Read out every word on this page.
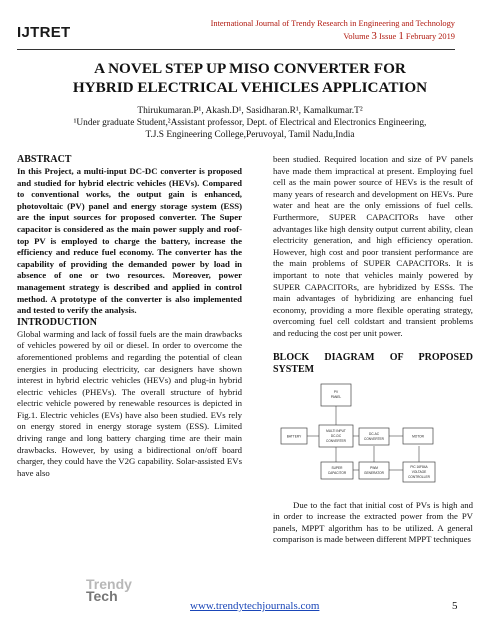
IJTRET
International Journal of Trendy Research in Engineering and Technology
Volume 3 Issue 1 February 2019
A NOVEL STEP UP MISO CONVERTER FOR
HYBRID ELECTRICAL VEHICLES APPLICATION
Thirukumaran.P¹, Akash.D¹, Sasidharan.R¹, Kamalkumar.T²
¹Under graduate Student,²Assistant professor, Dept. of Electrical and Electronics Engineering,
T.J.S Engineering College,Peruvoyal, Tamil Nadu,India

ABSTRACT

In this Project, a multi-input DC-DC converter is proposed and studied for hybrid electric vehicles (HEVs). Compared to conventional works, the output gain is enhanced, photovoltaic (PV) panel and energy storage system (ESS) are the input sources for proposed converter. The Super capacitor is considered as the main power supply and roof-top PV is employed to charge the battery, increase the efficiency and reduce fuel economy. The converter has the capability of providing the demanded power by load in absence of one or two resources. Moreover, power management strategy is described and applied in control method. A prototype of the converter is also implemented and tested to verify the analysis.

INTRODUCTION

Global warming and lack of fossil fuels are the main drawbacks of vehicles powered by oil or diesel. In order to overcome the aforementioned problems and regarding the potential of clean energies in producing electricity, car designers have shown interest in hybrid electric vehicles (HEVs) and plug-in hybrid electric vehicles (PHEVs). The overall structure of hybrid electric vehicle powered by renewable resources is depicted in Fig.1. Electric vehicles (EVs) have also been studied. EVs rely on energy stored in energy storage system (ESS). Limited driving range and long battery charging time are their main drawbacks. However, by using a bidirectional on/off board charger, they could have the V2G capability. Solar-assisted EVs have also

been studied. Required location and size of PV panels have made them impractical at present. Employing fuel cell as the main power source of HEVs is the result of many years of research and development on HEVs. Pure water and heat are the only emissions of fuel cells. Furthermore, SUPER CAPACITORs have other advantages like high density output current ability, clean electricity generation, and high efficiency operation. However, high cost and poor transient performance are the main problems of SUPER CAPACITORs. It is important to note that vehicles mainly powered by SUPER CAPACITORs, are hybridized by ESSs. The main advantages of hybridizing are enhancing fuel economy, providing a more flexible operating strategy, overcoming fuel cell coldstart and transient problems and reducing the cost per unit power.

BLOCK DIAGRAM OF PROPOSED SYSTEM

PV
PANEL
BATTERY
MULTI INPUT
DC-DC
CONVERTER
DC-AC
CONVERTER
MOTOR
SUPER
CAPACITOR
PWM
GENERATOR
PIC 16F84A
VOLTAGE
CONTROLLER

Due to the fact that initial cost of PVs is high and in order to increase the extracted power from the PV panels, MPPT algorithm has to be utilized. A general comparison is made between different MPPT techniques

Trendy
Tech
www.trendytechjournals.com	5
